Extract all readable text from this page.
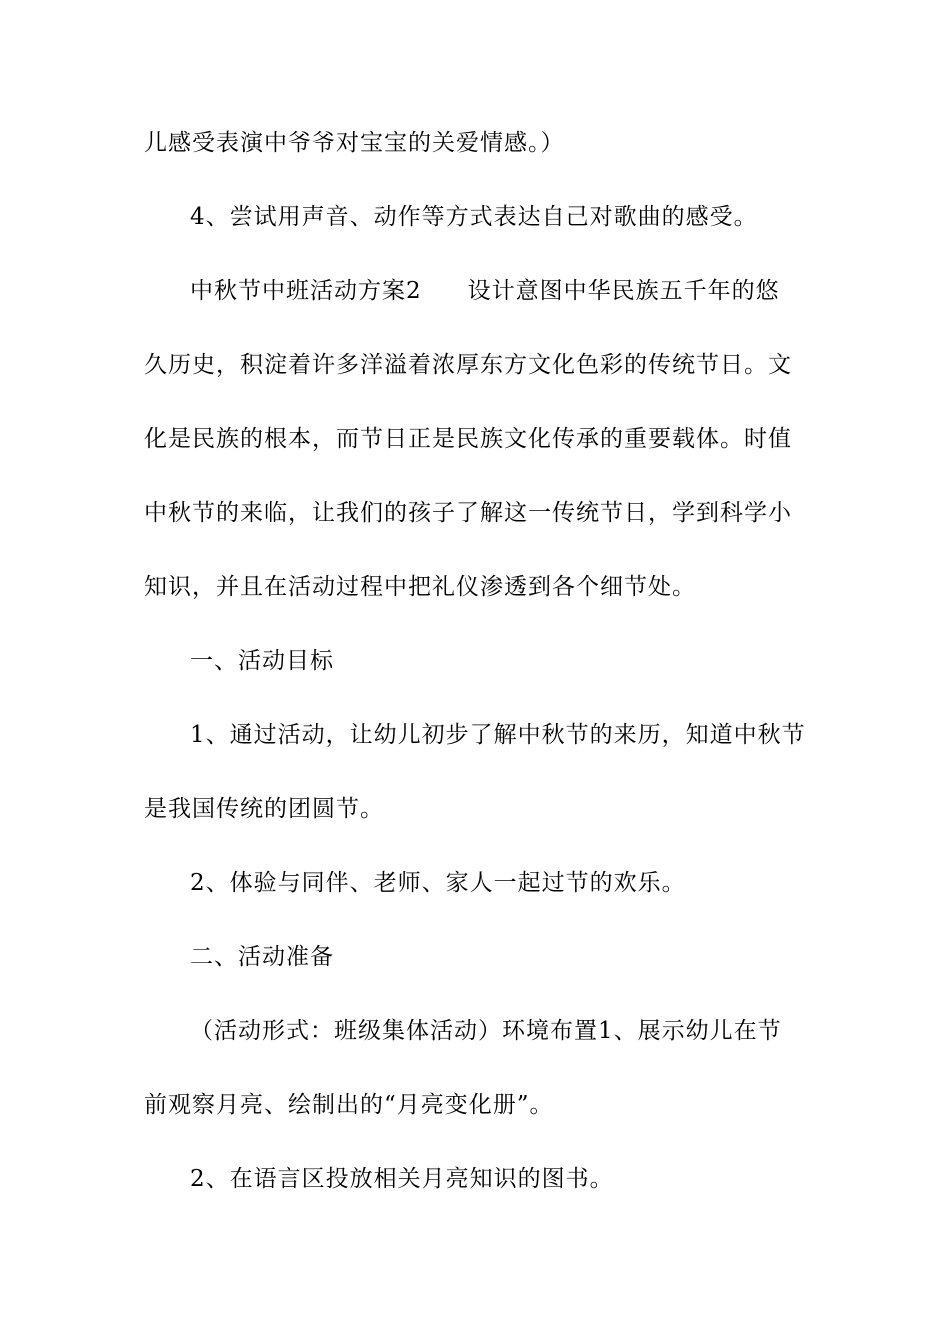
儿感受表演中爷爷对宝宝的关爱情感。）
4、尝试用声音、动作等方式表达自己对歌曲的感受。
中秋节中班活动方案2 设计意图中华民族五千年的悠
久历史，积淀着许多洋溢着浓厚东方文化色彩的传统节日。文
化是民族的根本，而节日正是民族文化传承的重要载体。时值
中秋节的来临，让我们的孩子了解这一传统节日，学到科学小
知识，并且在活动过程中把礼仪渗透到各个细节处。
一、活动目标
1、通过活动，让幼儿初步了解中秋节的来历，知道中秋节
是我国传统的团圆节。
2、体验与同伴、老师、家人一起过节的欢乐。
二、活动准备
（活动形式：班级集体活动）环境布置1、展示幼儿在节
前观察月亮、绘制出的“月亮变化册”。
2、在语言区投放相关月亮知识的图书。
